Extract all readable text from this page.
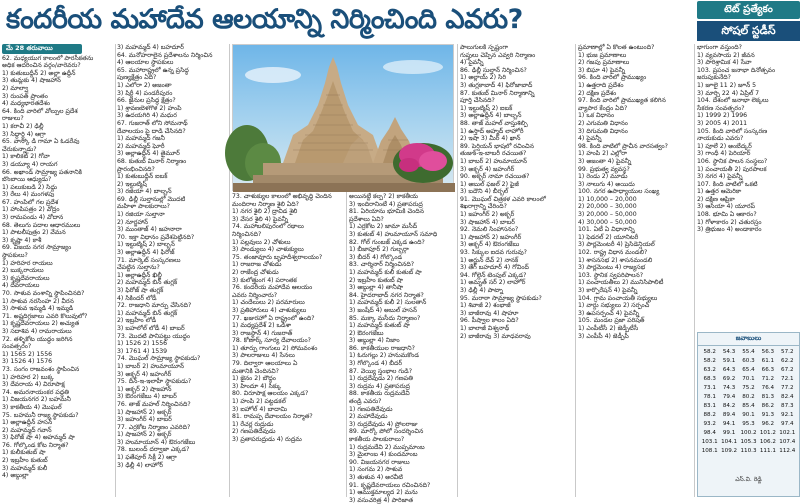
కందరీయ మహాదేవ ఆలయాన్ని నిర్మించింది ఎవరు?	టెట్ ప్రత్యేకం
సోషల్ స్టడీస్
మే 28 తరువాయి
62. మధ్యయుగ కాలంలో పారసీకతను
అధిక ఆదరించిన వర్గం/వారెవరు?
1) కుతుబుద్దీన్ 2) అల్లా ఉద్దీన్
3) తుమ్లకు 4) షాజహాన్
2) మాల్వా
3) రుంపత్ ప్రాంతం
4) మధ్యభారతదేశం
64. కింది వారిలో వోల్పుల ప్రదేశ
రాజులు?
1) కరాచీ 2) ఢిల్లీ
3) సిద్ధార్థి 4) ఆగ్రా
65. వాస్కో డి గామా ఏ ఓడరేవు
చేరుకున్నాడు?
1) కాలికట్ 2) గోవా
3) డయ్యూ 4) రాయగ
66. అఖాండ్ సామ్రాజ్య పతనానికి
బొంబాయి ఆధ్యుడు?
1) పలుకుబడి 2) సిద్దు
3) రేలు 4) మంగళపు
67. హంపిలో గల ప్రదేశ
1) హాంపిపత్రం 2) వోద్రం
3) రామపండు 4) వోదాన
68. తెలుగు పదాల ఆధారములు
1) పాటలీపుత్రం 2) వేమన
3) కృష్ణా 4) కాశీ
69. విజయ నగర సామ్రాజ్యం
స్థాపకులు?
1) హరిహర రాయలు
2) బుక్కరాయలు
3) కృష్ణదేవరాయలు
4) దేవరాయలు
70. సాళువ వంశాన్ని స్థాపించినది?
1) సాళువ నరసింహ 2) వీరన
3) సాళువ ఇమ్మడి 4) ఇమ్మడి
71. అష్టదిగ్గజాలు ఎవరి కొలువులో?
1) కృష్ణదేవరాయలు 2) అచ్యుత
3) సదాశివ 4) రామరాయలు
72. తళ్ళికోట యుద్ధం జరిగిన
సంవత్సరం?
1) 1565 2) 1556
3) 1526 4) 1576
73. సంగం రాజవంశం స్థాపించిన
1) హరిహర 2) బుక్క
3) దేవరాయ 4) విరూపాక్ష
74. అమరనాయంకర పద్ధతి
1) విజయనగర 2) బహమనీ
3) కాకతీయ 4) మొఘల్
75. బహమనీ రాజ్య స్థాపకుడు?
1) అల్లాఉద్దీన్ హసన్
2) మహమ్మద్ గవాన్
3) ఫిరోజ్ షా 4) అహమ్మద్ షా
76. గోల్కొండ కోట నిర్మాత?
1) కులీకుతుబ్ షా
2) ఇబ్రహీం కుతుబ్
3) మహమ్మద్ కులీ
4) అబ్దుల్లా
3) మహమ్మద్ 4) బహదూర్
64. మనోహరాలైన ప్రదేశాలను నిర్మించిన
4) ఆలయాల స్థాపకులు
65. మహారాష్ట్రలో ఉన్న ప్రసిద్ధ
పుణ్యక్షేత్రం ఏది?
1) ఎలోరా 2) అజంతా
3) షిర్డీ 4) పండరీపురం
66. జైనుల ప్రసిద్ధ క్షేత్రం?
1) శ్రావణబెళగొళ 2) హంపి
3) ఉదయగిరి 4) మధుర
67. గుజరాత్ లోని సోమనాథ్
దేవాలయం పై దాడి చేసినది?
1) మహమ్మద్ గజనీ
2) మహమ్మద్ ఘోరీ
3) అల్లాఉద్దీన్ 4) తైమూర్
68. కుతుబ్ మినార్ నిర్మాణం
ప్రారంభించినది?
1) కుతుబుద్దీన్ ఐబక్
2) ఇల్టుట్మిష్
3) రజియా 4) బాల్బన్
69. ఢిల్లీ సుల్తానుల్లో మొదటి
మహిళా పాలకురాలు?
1) రజియా సుల్తానా
2) నూర్జహాన్
3) ముంతాజ్ 4) జహనారా
70. ఇక్తా విధానం ప్రవేశపెట్టినది?
1) ఇల్టుట్మిష్ 2) బాల్బన్
3) అల్లాఉద్దీన్ 4) ఫిరోజ్
71. మార్కెట్ సంస్కరణలు
చేపట్టిన సుల్తాను?
1) అల్లాఉద్దీన్ ఖిల్జీ
2) మహమ్మద్ బిన్ తుగ్లక్
3) ఫిరోజ్ షా తుగ్లక్
4) సికిందర్ లోడీ
72. రాజధాని మార్పు చేసినది?
1) మహమ్మద్ బిన్ తుగ్లక్
2) ఇబ్రహీం లోడీ
3) బహలోల్ లోడీ 4) బాబర్
73. మొదటి పానిపట్టు యుద్ధం
1) 1526 2) 1556
3) 1761 4) 1539
74. మొఘల్ సామ్రాజ్య స్థాపకుడు?
1) బాబర్ 2) హుమాయూన్
3) అక్బర్ 4) జహంగీర్
75. దీన్-ఇ-ఇలాహీ స్థాపకుడు?
1) అక్బర్ 2) షాజహాన్
3) ఔరంగజేబు 4) బాబర్
76. తాజ్ మహల్ నిర్మించినది?
1) షాజహాన్ 2) అక్బర్
3) జహంగీర్ 4) బాబర్
77. ఎర్రకోట నిర్మాణం ఎవరిది?
1) షాజహాన్ 2) అక్బర్
3) హుమాయూన్ 4) ఔరంగజేబు
78. బులంద్ దర్వాజా ఎక్కడ?
1) ఫతేపూర్ సిక్రీ 2) ఆగ్రా
3) ఢిల్లీ 4) లాహోర్
73. చాళుక్యుల కాలంలో అభివృద్ధి చెందిన
మందిరాల నిర్మాణ శైలి ఏది?
1) నగర శైలి 2) ద్రావిడ శైలి
3) వేసర శైలి 4) పైవన్నీ
74. మహాబలిపురంలో రథాలు
నిర్మించినది?
1) పల్లవులు 2) చోళులు
3) పాండ్యులు 4) చాళుక్యులు
75. తంజావూరు బృహదీశ్వరాలయం?
1) రాజరాజ చోళుడు
2) రాజేంద్ర చోళుడు
3) కులోత్తుంగ 4) పరాంతక
76. కందరీయ మహాదేవ ఆలయం
ఎవరు నిర్మించారు?
1) చందేలులు 2) పరమారులు
3) ప్రతిహారులు 4) చాళుక్యులు
77. ఖజురహో ఏ రాష్ట్రంలో ఉంది?
1) మధ్యప్రదేశ్ 2) ఒడిశా
3) రాజస్థాన్ 4) గుజరాత్
78. కోణార్క్ సూర్య దేవాలయం?
1) తూర్పు గాంగులు 2) సోమవంశం
3) పాలరాజులు 4) సేనలు
79. దిల్వారా ఆలయాలు ఏ
మతానికి చెందినవి?
1) జైనం 2) బౌద్ధం
3) హిందూ 4) సిక్కు
80. విరూపాక్ష ఆలయం ఎక్కడ?
1) హంపి 2) పట్టడకల్
3) ఐహోల్ 4) బాదామి
81. రామప్ప దేవాలయం నిర్మాత?
1) రేచర్ల రుద్రుడు
2) గణపతిదేవుడు
3) ప్రతాపరుద్రుడు 4) రుద్రమ
అయినట్టే కల్ప? 2) కాకతీయ
3) ఇందిరానింటే 4) ప్రతాపరుద్ర
81. ఏరియాను భూమికి చెందిన
ప్రదేశాలు ఏవి?
1) ఎర్రకోట 2) జామా మసీద్
3) కుతుబ్ 4) హుమాయూన్ సమాధి
82. గోల్ గుంబజ్ ఎక్కడ ఉంది?
1) బీజాపూర్ 2) గుల్బర్గా
3) బీదర్ 4) గోల్కొండ
83. చార్మినార్ నిర్మించినది?
1) మహమ్మద్ కులీ కుతుబ్ షా
2) ఇబ్రహీం కుతుబ్ షా
3) అబ్దుల్లా 4) తానీషా
84. హైదరాబాద్ నగర నిర్మాత?
1) మహమ్మద్ కులీ 2) సులతాన్
3) జంషీద్ 4) అబుల్ హసన్
85. మక్కా మసీదు నిర్మాణం?
1) మహమ్మద్ కుతుబ్ షా
2) ఔరంగజేబు
3) అబ్దుల్లా 4) నిజాం
86. కాకతీయుల రాజధాని?
1) ఓరుగల్లు 2) హనుమకొండ
3) గోల్కొండ 4) బీదర్
87. వెయ్యి స్తంభాల గుడి?
1) రుద్రదేవుడు 2) గణపతి
3) రుద్రమ 4) ప్రతాపరుద్ర
88. కాకతీయ రుద్రమదేవి
తండ్రి ఎవరు?
1) గణపతిదేవుడు
2) మహాదేవుడు
3) రుద్రదేవుడు 4) ప్రోలరాజు
89. మార్కో పోలో సందర్శించిన
కాకతీయ పాలకురాలు?
1) రుద్రమదేవి 2) ముప్పమాంబ
3) మైలాంబ 4) కుందమాంబ
90. విజయనగర రాజులు
1) సంగమ 2) సాళువ
3) తుళువ 4) అరవీటి
91. కృష్ణదేవరాయలు రచించినది?
1) ఆముక్తమాల్యద 2) మను
3) వసుచరిత్ర 4) పారిజాత
పాలుగులకి స్పష్టంగా
గుప్తులు చెప్పిన ఎవ్వరి నిర్మాణం
4) పైవన్నీ
86. ఢిల్లీ సుల్తాన్ నిర్మించిన?
1) అల్లాయ్ 2) సిరి
3) తుగ్లకాబాద్ 4) ఫిరోజాబాద్
87. కుతుబ్ మినార్ నిర్మాణాన్ని
పూర్తి చేసినది?
1) ఇల్టుట్మిష్ 2) ఐబక్
3) అల్లాఉద్దీన్ 4) బాల్బన్
88. తాజ్ మహల్ వాస్తుశిల్పి
1) ఉస్తాద్ అహ్మద్ లాహోరీ
2) ఇషా 3) మీర్ 4) ఖాన్
89. పెర్షియన్ భాషలో రచించిన
తుజుక్-ఇ-బాబరీ రచయిత?
1) బాబర్ 2) హుమాయూన్
3) అక్బర్ 4) జహంగీర్
90. అక్బర్ నామా రచయిత?
1) అబుల్ ఫజల్ 2) ఫైజీ
3) బదౌని 4) బీర్బల్
91. మొఘల్ చిత్రకళ ఎవరి కాలంలో
శిఖరాగ్రాన్ని చేరింది?
1) జహంగీర్ 2) అక్బర్
3) షాజహాన్ 4) బాబర్
92. నెమలి సింహాసనం?
1) షాజహాన్ 2) జహంగీర్
3) అక్బర్ 4) ఔరంగజేబు
93. సిక్కుల ఐదవ గురువు?
1) అర్జున్ దేవ్ 2) నానక్
3) తేగ్ బహదూర్ 4) గోవింద్
94. గోల్డెన్ టెంపుల్ ఎక్కడ?
1) అమృత్ సర్ 2) లాహోర్
3) ఢిల్లీ 4) పాట్నా
95. మరాఠా సామ్రాజ్య స్థాపకుడు?
1) శివాజీ 2) శంభాజీ
3) బాజీరావు 4) షాహూ
96. పీష్వాల కాలం ఏది?
1) బాలాజీ విశ్వనాథ్
2) బాజీరావు 3) మాధవరావు
ప్రమాణాల్లో ఏ కొలత ఉంటుంది?
1) భుజ ప్రమాణాలు
2) గజపు ప్రమాణాలు
3) బిఘా 4) పైవన్నీ
96. కింది వారిలో ప్రాముఖ్యం
1) ఉత్తరాది ప్రదేశం
2) దక్షిణ ప్రదేశం
97. కింది వారిలో ప్రాముఖ్యత కలిగిన
వ్యాపార కేంద్రం ఏది?
1) ఒక విధానం
2) ఎగుమతి విధానం
3) దిగుమతి విధానం
4) పైవన్నీ
98. కింది వాటిలో ప్రాచీన వారసత్వం?
1) హంపి 2) ఎల్లోరా
3) అజంతా 4) పైవన్నీ
99. ప్రభుత్వ వ్యవస్థ?
1) రెండు 2) మూడు
3) నాలుగు 4) అయిదు
100. నగర ఉపాధ్యాయుల సంఖ్య
1) 10,000 – 20,000
2) 20,000 – 30,000
3) 20,000 – 50,000
4) 30,000 – 50,000
101. ఏటీ ఏ విధానాన్ని
1) ఫెడరల్ 2) యూనిటరీ
3) పార్లమెంటరీ 4) ప్రెసిడెన్షియల్
102. రాష్ట్ర విధాన మండలి?
1) శాసనసభ 2) శాసనమండలి
3) పార్లమెంటు 4) రాజ్యసభ
103. స్థానిక స్వపరిపాలన?
1) పంచాయతీలు 2) మునిసిపాలిటీ
3) కార్పొరేషన్ 4) పైవన్నీ
104. గ్రామ పంచాయతీ సభ్యులు
1) వార్డు సభ్యులు 2) సర్పంచ్
3) ఉపసర్పంచ్ 4) పైవన్నీ
105. మండల ప్రజా పరిషత్
1) ఎంపీటీసీ 2) జెడ్పీటీసీ
3) ఎంపీపీ 4) జెడ్పీపీ
భాగుంగా వస్తుంది?
1) వ్యవసాయ 2) జీవన
3) పారిశ్రామిక 4) సేవా
103. ప్రపంచ జనాభా దినోత్సవం
జరుపుకునేది?
1) జూలై 11 2) జూన్ 5
3) మార్చి 22 4) ఏప్రిల్ 7
104. దేశంలో జనాభా లెక్కలు
సేకరణ సంవత్సరం?
1) 1999 2) 1996
3) 2005 4) 2011
105. కింది వారిలో సంస్కరణ
నాయకుడు ఎవరు?
1) పూలే 2) అంబేద్కర్
3) గాంధీ 4) పెరియార్
106. స్థానిక పాలన సంస్థలు?
1) పంచాయతీ 2) పురపాలక
3) నగర 4) పైవన్నీ
107. కింది వాటిలో ఒకటి
1) ఉత్తర ఆమెరికా
2) దక్షిణ ఆఫ్రికా
3) ఆసియా 4) యూరప్
108. భూమి ఏ ఆకారం?
1) గోళాకారం 2) చతురస్రం
3) త్రిభుజం 4) అండాకారం
జవాబులు
58.2	54.3	55.4	56.3	57.2
58.2	59.1	60.3	61.1	62.2
63.2	64.3	65.4	66.3	67.2
68.3	69.2	70.1	71.2	72.1
73.1	74.3	75.2	76.4	77.2
78.1	79.4	80.2	81.3	82.4
83.1	84.2	85.4	86.2	87.3
88.2	89.4	90.1	91.3	92.1
93.2	94.1	95.3	96.2	97.4
98.4	99.1 100.2 101.2 102.1
103.1 104.1 105.3 106.2 107.4
108.1 109.2 110.3 111.1 112.4
ఎస్.వి. రెడ్డి
